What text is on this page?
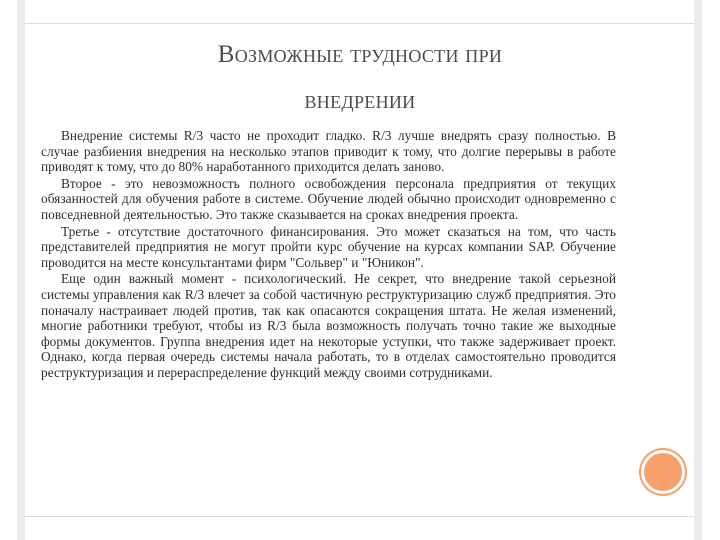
Возможные трудности при
внедрении

Внедрение системы R/3 часто не проходит гладко. R/3 лучше внедрять сразу полностью. В случае разбиения внедрения на несколько этапов приводит к тому, что долгие перерывы в работе приводят к тому, что до 80% наработанного приходится делать заново.

Второе - это невозможность полного освобождения персонала предприятия от текущих обязанностей для обучения работе в системе. Обучение людей обычно происходит одновременно с повседневной деятельностью. Это также сказывается на сроках внедрения проекта.

Третье - отсутствие достаточного финансирования. Это может сказаться на том, что часть представителей предприятия не могут пройти курс обучение на курсах компании SAP. Обучение проводится на месте консультантами фирм "Сольвер" и "Юникон".

Еще один важный момент - психологический. Не секрет, что внедрение такой серьезной системы управления как R/3 влечет за собой частичную реструктуризацию служб предприятия. Это поначалу настраивает людей против, так как опасаются сокращения штата. Не желая изменений, многие работники требуют, чтобы из R/3 была возможность получать точно такие же выходные формы документов. Группа внедрения идет на некоторые уступки, что также задерживает проект. Однако, когда первая очередь системы начала работать, то в отделах самостоятельно проводится реструктуризация и перераспределение функций между своими сотрудниками.
